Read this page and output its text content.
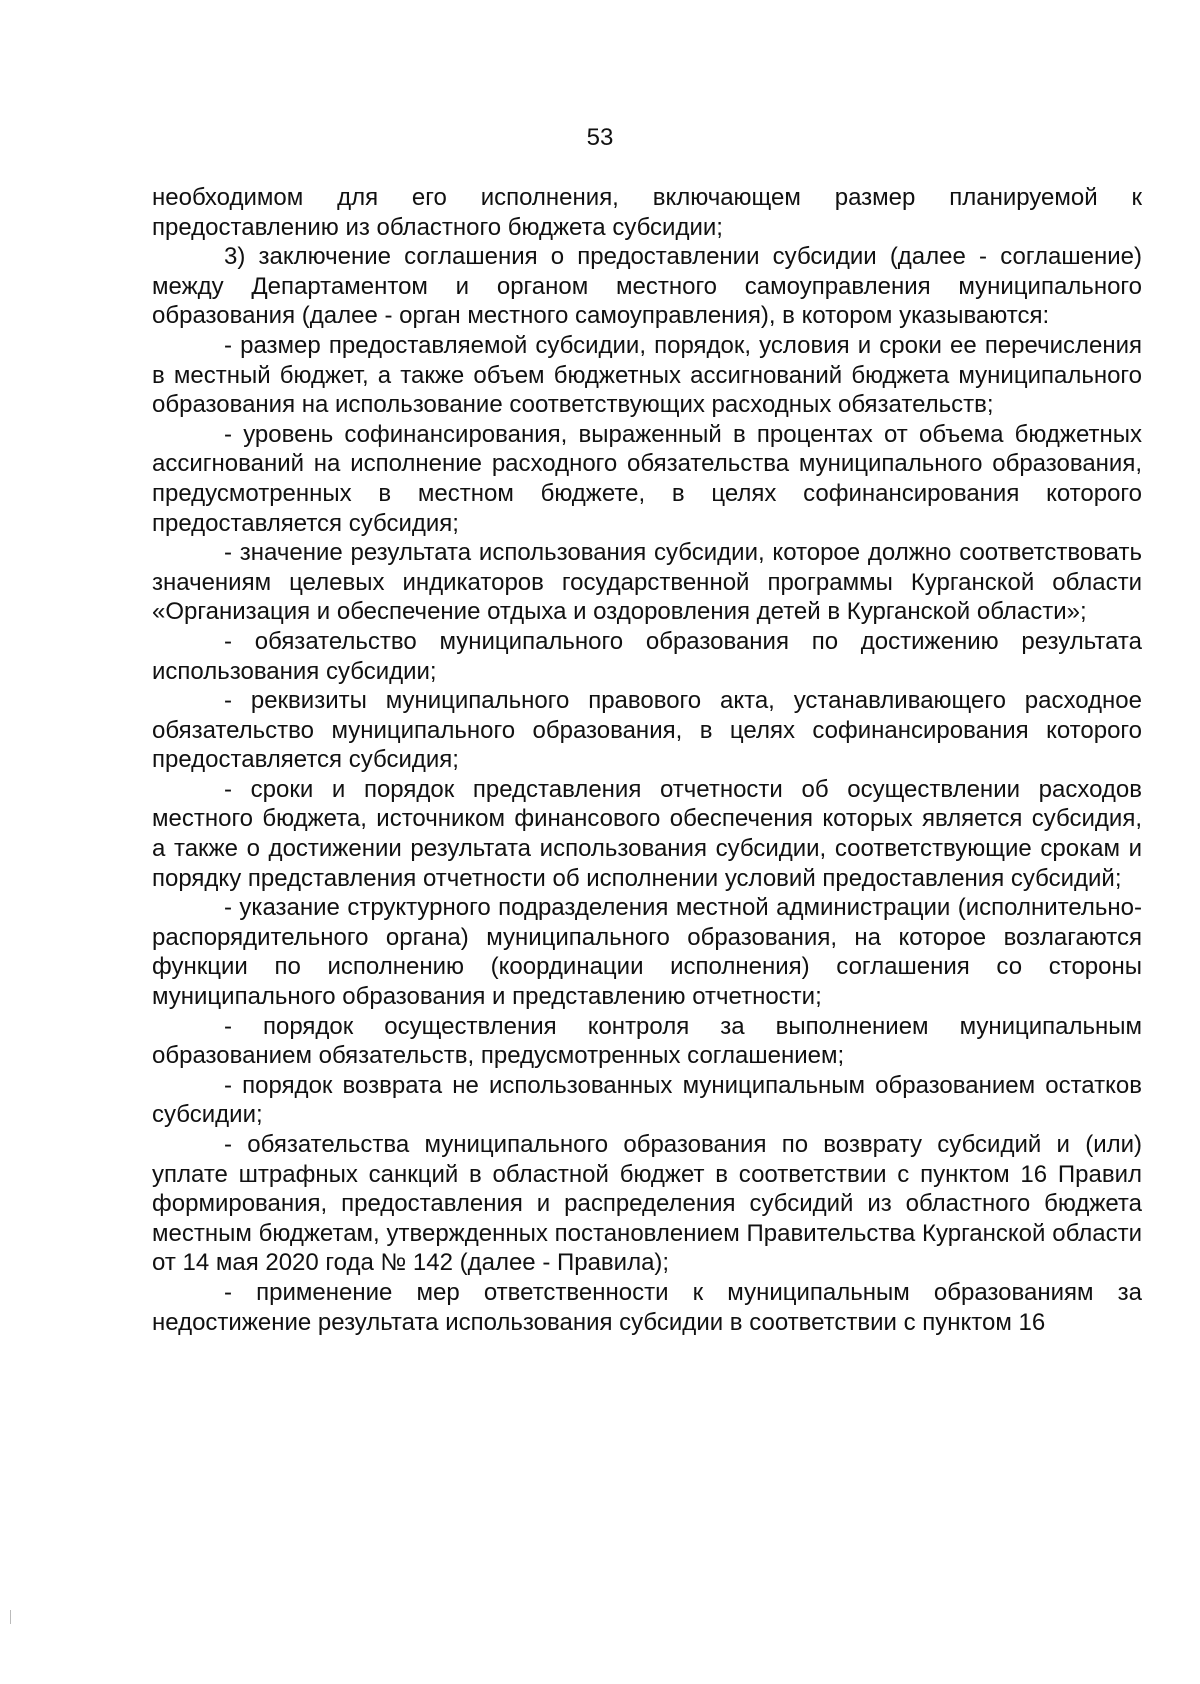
53

необходимом для его исполнения, включающем размер планируемой к предоставлению из областного бюджета субсидии;

3) заключение соглашения о предоставлении субсидии (далее - соглашение) между Департаментом и органом местного самоуправления муниципального образования (далее - орган местного самоуправления), в котором указываются:

- размер предоставляемой субсидии, порядок, условия и сроки ее перечисления в местный бюджет, а также объем бюджетных ассигнований бюджета муниципального образования на использование соответствующих расходных обязательств;

- уровень софинансирования, выраженный в процентах от объема бюджетных ассигнований на исполнение расходного обязательства муниципального образования, предусмотренных в местном бюджете, в целях софинансирования которого предоставляется субсидия;

- значение результата использования субсидии, которое должно соответствовать значениям целевых индикаторов государственной программы Курганской области «Организация и обеспечение отдыха и оздоровления детей в Курганской области»;

- обязательство муниципального образования по достижению результата использования субсидии;

- реквизиты муниципального правового акта, устанавливающего расходное обязательство муниципального образования, в целях софинансирования которого предоставляется субсидия;

- сроки и порядок представления отчетности об осуществлении расходов местного бюджета, источником финансового обеспечения которых является субсидия, а также о достижении результата использования субсидии, соответствующие срокам и порядку представления отчетности об исполнении условий предоставления субсидий;

- указание структурного подразделения местной администрации (исполнительно-распорядительного органа) муниципального образования, на которое возлагаются функции по исполнению (координации исполнения) соглашения со стороны муниципального образования и представлению отчетности;

- порядок осуществления контроля за выполнением муниципальным образованием обязательств, предусмотренных соглашением;

- порядок возврата не использованных муниципальным образованием остатков субсидии;

- обязательства муниципального образования по возврату субсидий и (или) уплате штрафных санкций в областной бюджет в соответствии с пунктом 16 Правил формирования, предоставления и распределения субсидий из областного бюджета местным бюджетам, утвержденных постановлением Правительства Курганской области от 14 мая 2020 года № 142 (далее - Правила);

- применение мер ответственности к муниципальным образованиям за недостижение результата использования субсидии в соответствии с пунктом 16
